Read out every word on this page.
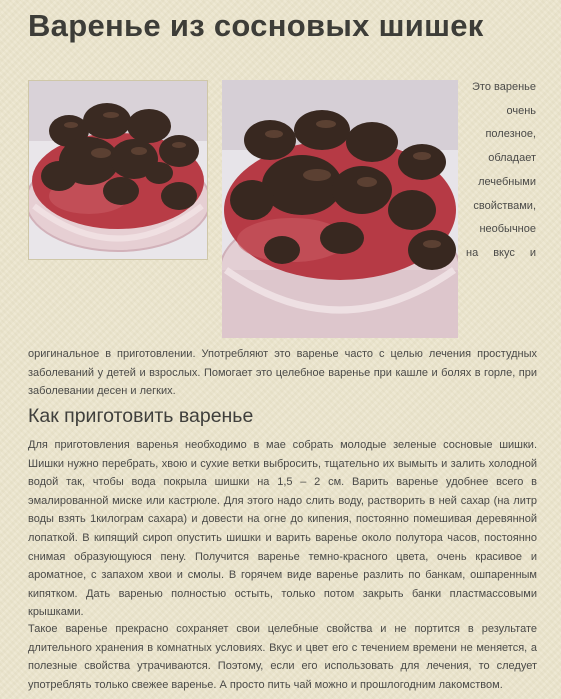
Варенье из сосновых шишек
Это варенье
очень
полезное,
обладает
лечебными
свойствами,
необычное
на вкус и

оригинальное в приготовлении. Употребляют это варенье часто с целью лечения простудных заболеваний у детей и взрослых. Помогает это целебное варенье при кашле и болях в горле, при заболевании десен и легких.

Как приготовить варенье

Для приготовления варенья необходимо в мае собрать молодые зеленые сосновые шишки. Шишки нужно перебрать, хвою и сухие ветки выбросить, тщательно их вымыть и залить холодной водой так, чтобы вода покрыла шишки на 1,5 – 2 см. Варить варенье удобнее всего в эмалированной миске или кастрюле. Для этого надо слить воду, растворить в ней сахар (на литр воды взять 1килограм сахара) и довести на огне до кипения, постоянно помешивая деревянной лопаткой. В кипящий сироп опустить шишки и варить варенье около полутора часов, постоянно снимая образующуюся пену. Получится варенье темно-красного цвета, очень красивое и ароматное, с запахом хвои и смолы. В горячем виде варенье разлить по банкам, ошпаренным кипятком. Дать варенью полностью остыть, только потом закрыть банки пластмассовыми крышками.

Такое варенье прекрасно сохраняет свои целебные свойства и не портится в результате длительного хранения в комнатных условиях. Вкус и цвет его с течением времени не меняется, а полезные свойства утрачиваются. Поэтому, если его использовать для лечения, то следует употреблять только свежее варенье. А просто пить чай можно и прошлогодним лакомством.
